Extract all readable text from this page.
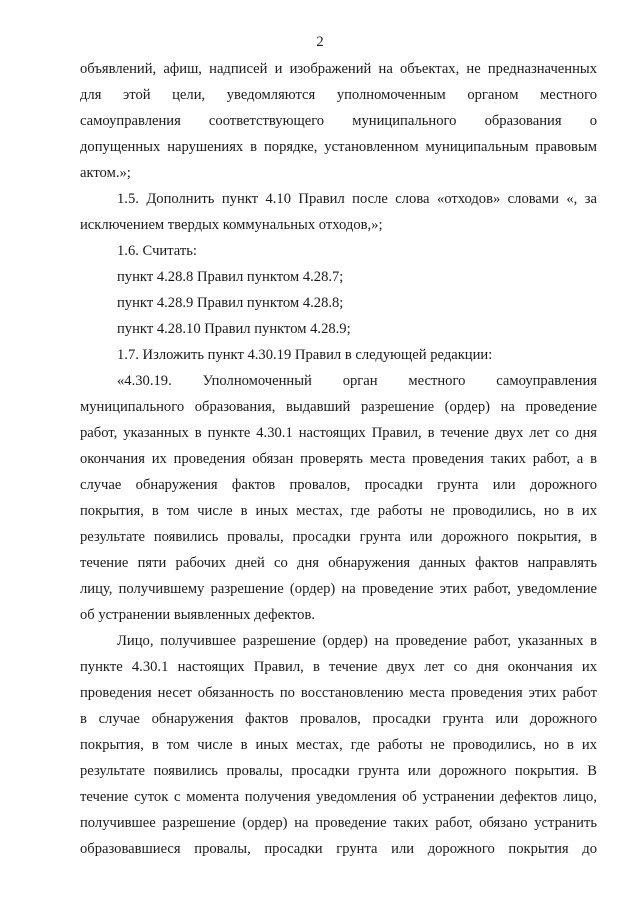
2
объявлений, афиш, надписей и изображений на объектах, не предназначенных
для этой цели, уведомляются уполномоченным органом местного
самоуправления соответствующего муниципального образования о
допущенных нарушениях в порядке, установленном муниципальным правовым
актом.»;
1.5. Дополнить пункт 4.10 Правил после слова «отходов» словами «, за
исключением твердых коммунальных отходов,»;
1.6. Считать:
пункт 4.28.8 Правил пунктом 4.28.7;
пункт 4.28.9 Правил пунктом 4.28.8;
пункт 4.28.10 Правил пунктом 4.28.9;
1.7. Изложить пункт 4.30.19 Правил в следующей редакции:
«4.30.19. Уполномоченный орган местного самоуправления
муниципального образования, выдавший разрешение (ордер) на проведение
работ, указанных в пункте 4.30.1 настоящих Правил, в течение двух лет со дня
окончания их проведения обязан проверять места проведения таких работ, а в
случае обнаружения фактов провалов, просадки грунта или дорожного
покрытия, в том числе в иных местах, где работы не проводились, но в их
результате появились провалы, просадки грунта или дорожного покрытия, в
течение пяти рабочих дней со дня обнаружения данных фактов направлять
лицу, получившему разрешение (ордер) на проведение этих работ, уведомление
об устранении выявленных дефектов.
Лицо, получившее разрешение (ордер) на проведение работ, указанных в
пункте 4.30.1 настоящих Правил, в течение двух лет со дня окончания их
проведения несет обязанность по восстановлению места проведения этих работ
в случае обнаружения фактов провалов, просадки грунта или дорожного
покрытия, в том числе в иных местах, где работы не проводились, но в их
результате появились провалы, просадки грунта или дорожного покрытия. В
течение суток с момента получения уведомления об устранении дефектов лицо,
получившее разрешение (ордер) на проведение таких работ, обязано устранить
образовавшиеся провалы, просадки грунта или дорожного покрытия до
